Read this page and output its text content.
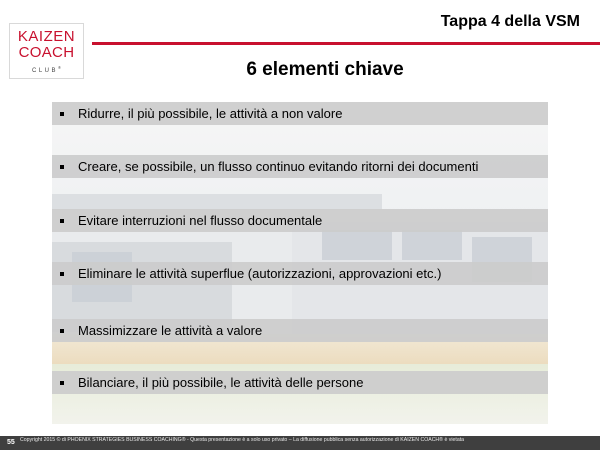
KAIZEN
COACH
CLUB®
Tappa 4 della VSM
6 elementi chiave
Ridurre, il più possibile, le attività a non valore
Creare, se possibile, un flusso continuo evitando ritorni dei documenti
Evitare interruzioni nel flusso documentale
Eliminare le attività superflue (autorizzazioni, approvazioni etc.)
Massimizzare le attività a valore
Bilanciare, il più possibile, le attività delle persone
55 Copyright 2015 © di PHOENIX STRATEGIES BUSINESS COACHING® - Questa presentazione è a solo uso privato – La diffusione pubblica senza autorizzazione di KAIZEN COACH® è vietata
